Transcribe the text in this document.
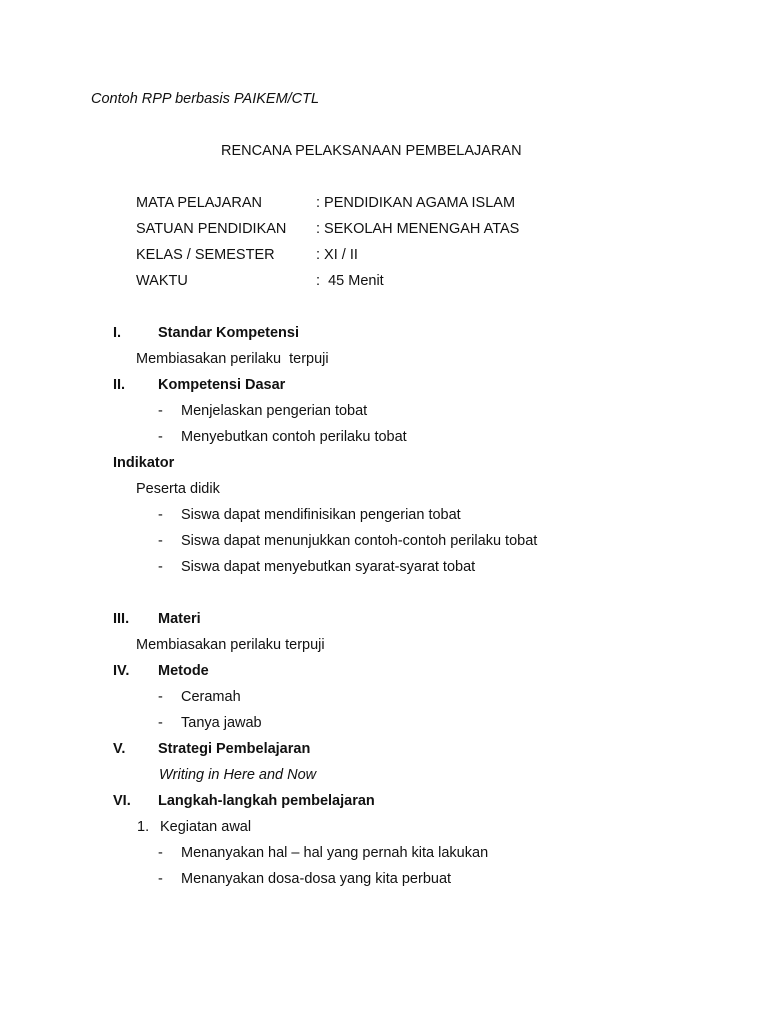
Contoh RPP berbasis PAIKEM/CTL
RENCANA PELAKSANAAN PEMBELAJARAN
MATA PELAJARAN	: PENDIDIKAN AGAMA ISLAM
SATUAN PENDIDIKAN : SEKOLAH MENENGAH ATAS
KELAS / SEMESTER	: XI / II
WAKTU	:  45 Menit
I.	Standar Kompetensi
Membiasakan perilaku  terpuji
II. Kompetensi Dasar
- Menjelaskan pengerian tobat
- Menyebutkan contoh perilaku tobat
Indikator
Peserta didik
- Siswa dapat mendifinisikan pengerian tobat
- Siswa dapat menunjukkan contoh-contoh perilaku tobat
- Siswa dapat menyebutkan syarat-syarat tobat
III. Materi
Membiasakan perilaku terpuji
IV. Metode
- Ceramah
- Tanya jawab
V. Strategi Pembelajaran
Writing in Here and Now
VI. Langkah-langkah pembelajaran
1. Kegiatan awal
- Menanyakan hal – hal yang pernah kita lakukan
- Menanyakan dosa-dosa yang kita perbuat
